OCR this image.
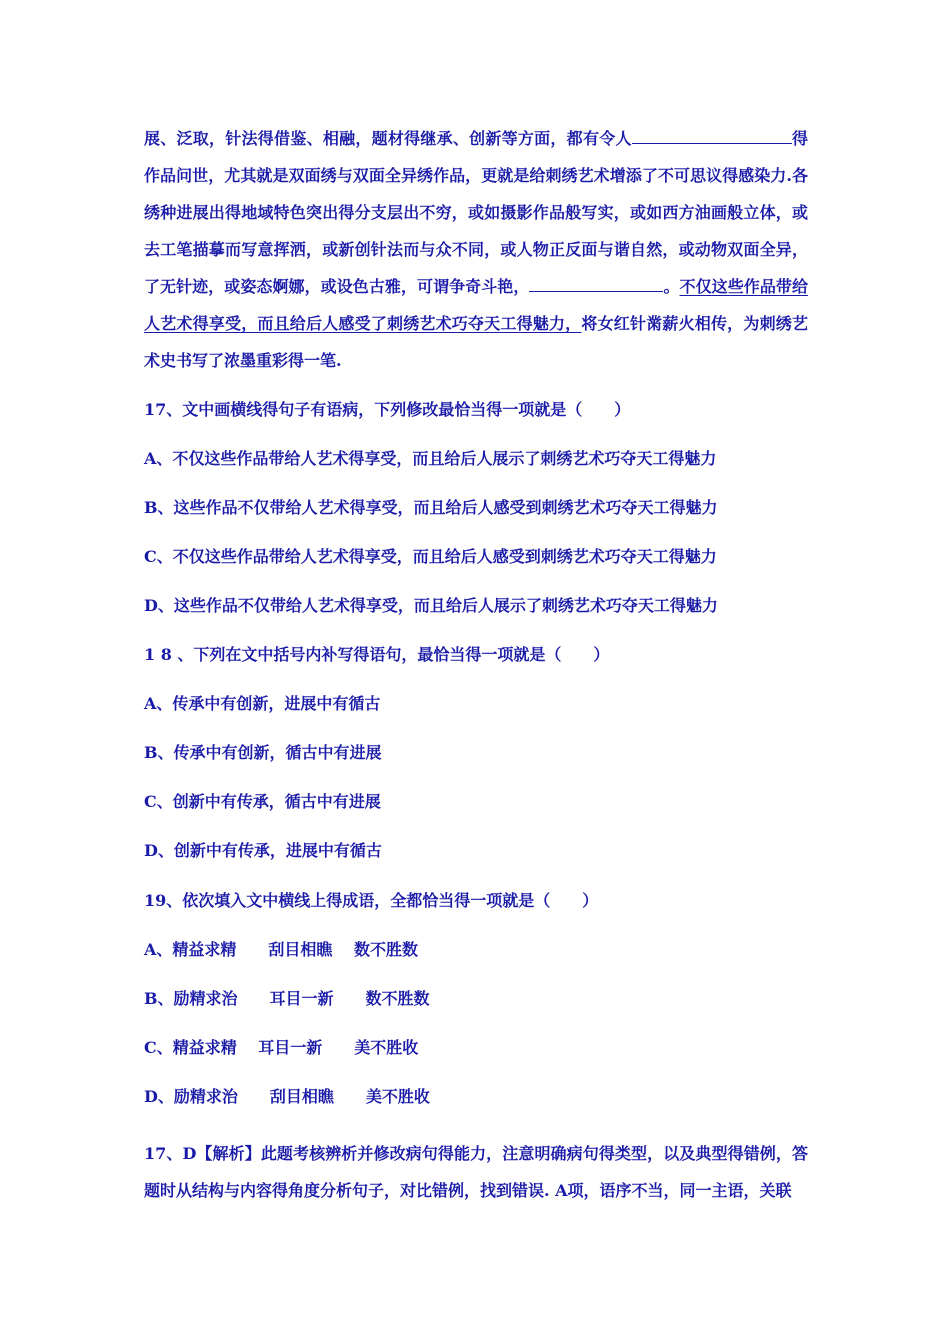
展、泛取，针法得借鉴、相融，题材得继承、创新等方面，都有令人	得作品问世，尤其就是双面绣与双面全异绣作品，更就是给刺绣艺术增添了不可思议得感染力.各绣种进展出得地域特色突出得分支层出不穷，或如摄影作品般写实，或如西方油画般立体，或去工笔描摹而写意挥洒，或新创针法而与众不同，或人物正反面与谐自然，或动物双面全异，了无针迹，或姿态婀娜，或设色古雅，可谓争奇斗艳，	。不仅这些作品带给人艺术得享受，而且给后人感受了刺绣艺术巧夺天工得魅力，将女红针黹薪火相传，为刺绣艺术史书写了浓墨重彩得一笔.

17、文中画横线得句子有语病，下列修改最恰当得一项就是（　　）
A、不仅这些作品带给人艺术得享受，而且给后人展示了刺绣艺术巧夺天工得魅力
B、这些作品不仅带给人艺术得享受，而且给后人感受到刺绣艺术巧夺天工得魅力
C、不仅这些作品带给人艺术得享受，而且给后人感受到刺绣艺术巧夺天工得魅力
D、这些作品不仅带给人艺术得享受，而且给后人展示了刺绣艺术巧夺天工得魅力
1 8 、下列在文中括号内补写得语句，最恰当得一项就是（　　）
A、传承中有创新，进展中有循古
B、传承中有创新，循古中有进展
C、创新中有传承，循古中有进展
D、创新中有传承，进展中有循古
19、依次填入文中横线上得成语，全都恰当得一项就是（　　）
A、精益求精　　刮目相瞧　 数不胜数
B、励精求治　　耳目一新　　数不胜数
C、精益求精　 耳目一新　　美不胜收
D、励精求治　　刮目相瞧　　美不胜收

17、D【解析】此题考核辨析并修改病句得能力，注意明确病句得类型，以及典型得错例，答题时从结构与内容得角度分析句子，对比错例，找到错误. A项，语序不当，同一主语，关联
